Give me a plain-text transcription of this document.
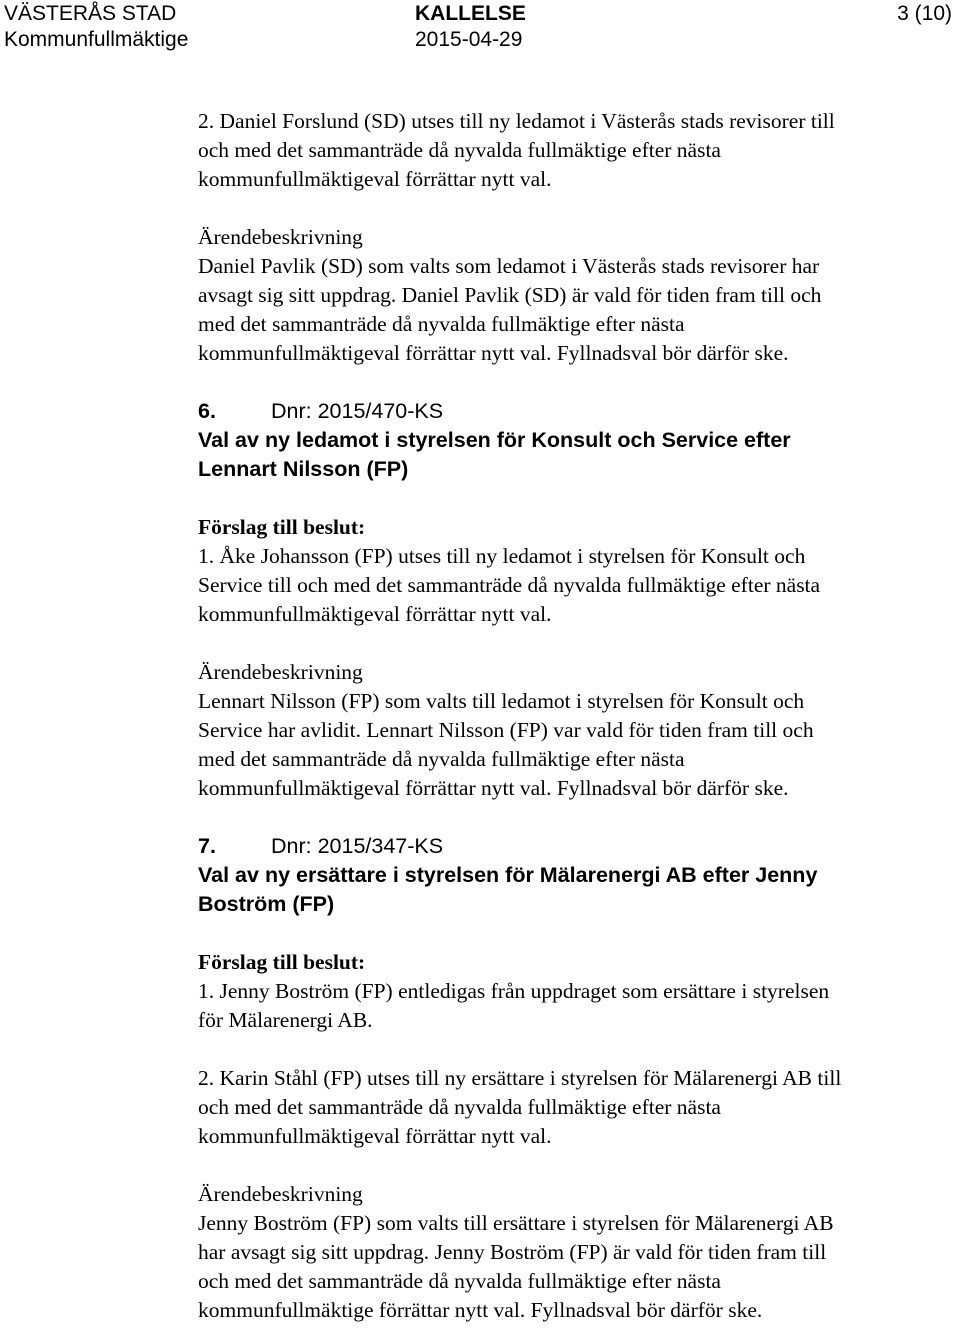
VÄSTERÅS STAD
Kommunfullmäktige
KALLELSE
2015-04-29
3 (10)
2. Daniel Forslund (SD) utses till ny ledamot i Västerås stads revisorer till
och med det sammanträde då nyvalda fullmäktige efter nästa
kommunfullmäktigeval förrättar nytt val.
Ärendebeskrivning
Daniel Pavlik (SD) som valts som ledamot i Västerås stads revisorer har
avsagt sig sitt uppdrag. Daniel Pavlik (SD) är vald för tiden fram till och
med det sammanträde då nyvalda fullmäktige efter nästa
kommunfullmäktigeval förrättar nytt val. Fyllnadsval bör därför ske.
6.	Dnr: 2015/470-KS
Val av ny ledamot i styrelsen för Konsult och Service efter
Lennart Nilsson (FP)
Förslag till beslut:
1. Åke Johansson (FP) utses till ny ledamot i styrelsen för Konsult och
Service till och med det sammanträde då nyvalda fullmäktige efter nästa
kommunfullmäktigeval förrättar nytt val.
Ärendebeskrivning
Lennart Nilsson (FP) som valts till ledamot i styrelsen för Konsult och
Service har avlidit. Lennart Nilsson (FP) var vald för tiden fram till och
med det sammanträde då nyvalda fullmäktige efter nästa
kommunfullmäktigeval förrättar nytt val. Fyllnadsval bör därför ske.
7.	Dnr: 2015/347-KS
Val av ny ersättare i styrelsen för Mälarenergi AB efter Jenny
Boström (FP)
Förslag till beslut:
1. Jenny Boström (FP) entledigas från uppdraget som ersättare i styrelsen
för Mälarenergi AB.
2. Karin Ståhl (FP) utses till ny ersättare i styrelsen för Mälarenergi AB till
och med det sammanträde då nyvalda fullmäktige efter nästa
kommunfullmäktigeval förrättar nytt val.
Ärendebeskrivning
Jenny Boström (FP) som valts till ersättare i styrelsen för Mälarenergi AB
har avsagt sig sitt uppdrag. Jenny Boström (FP) är vald för tiden fram till
och med det sammanträde då nyvalda fullmäktige efter nästa
kommunfullmäktige förrättar nytt val. Fyllnadsval bör därför ske.
